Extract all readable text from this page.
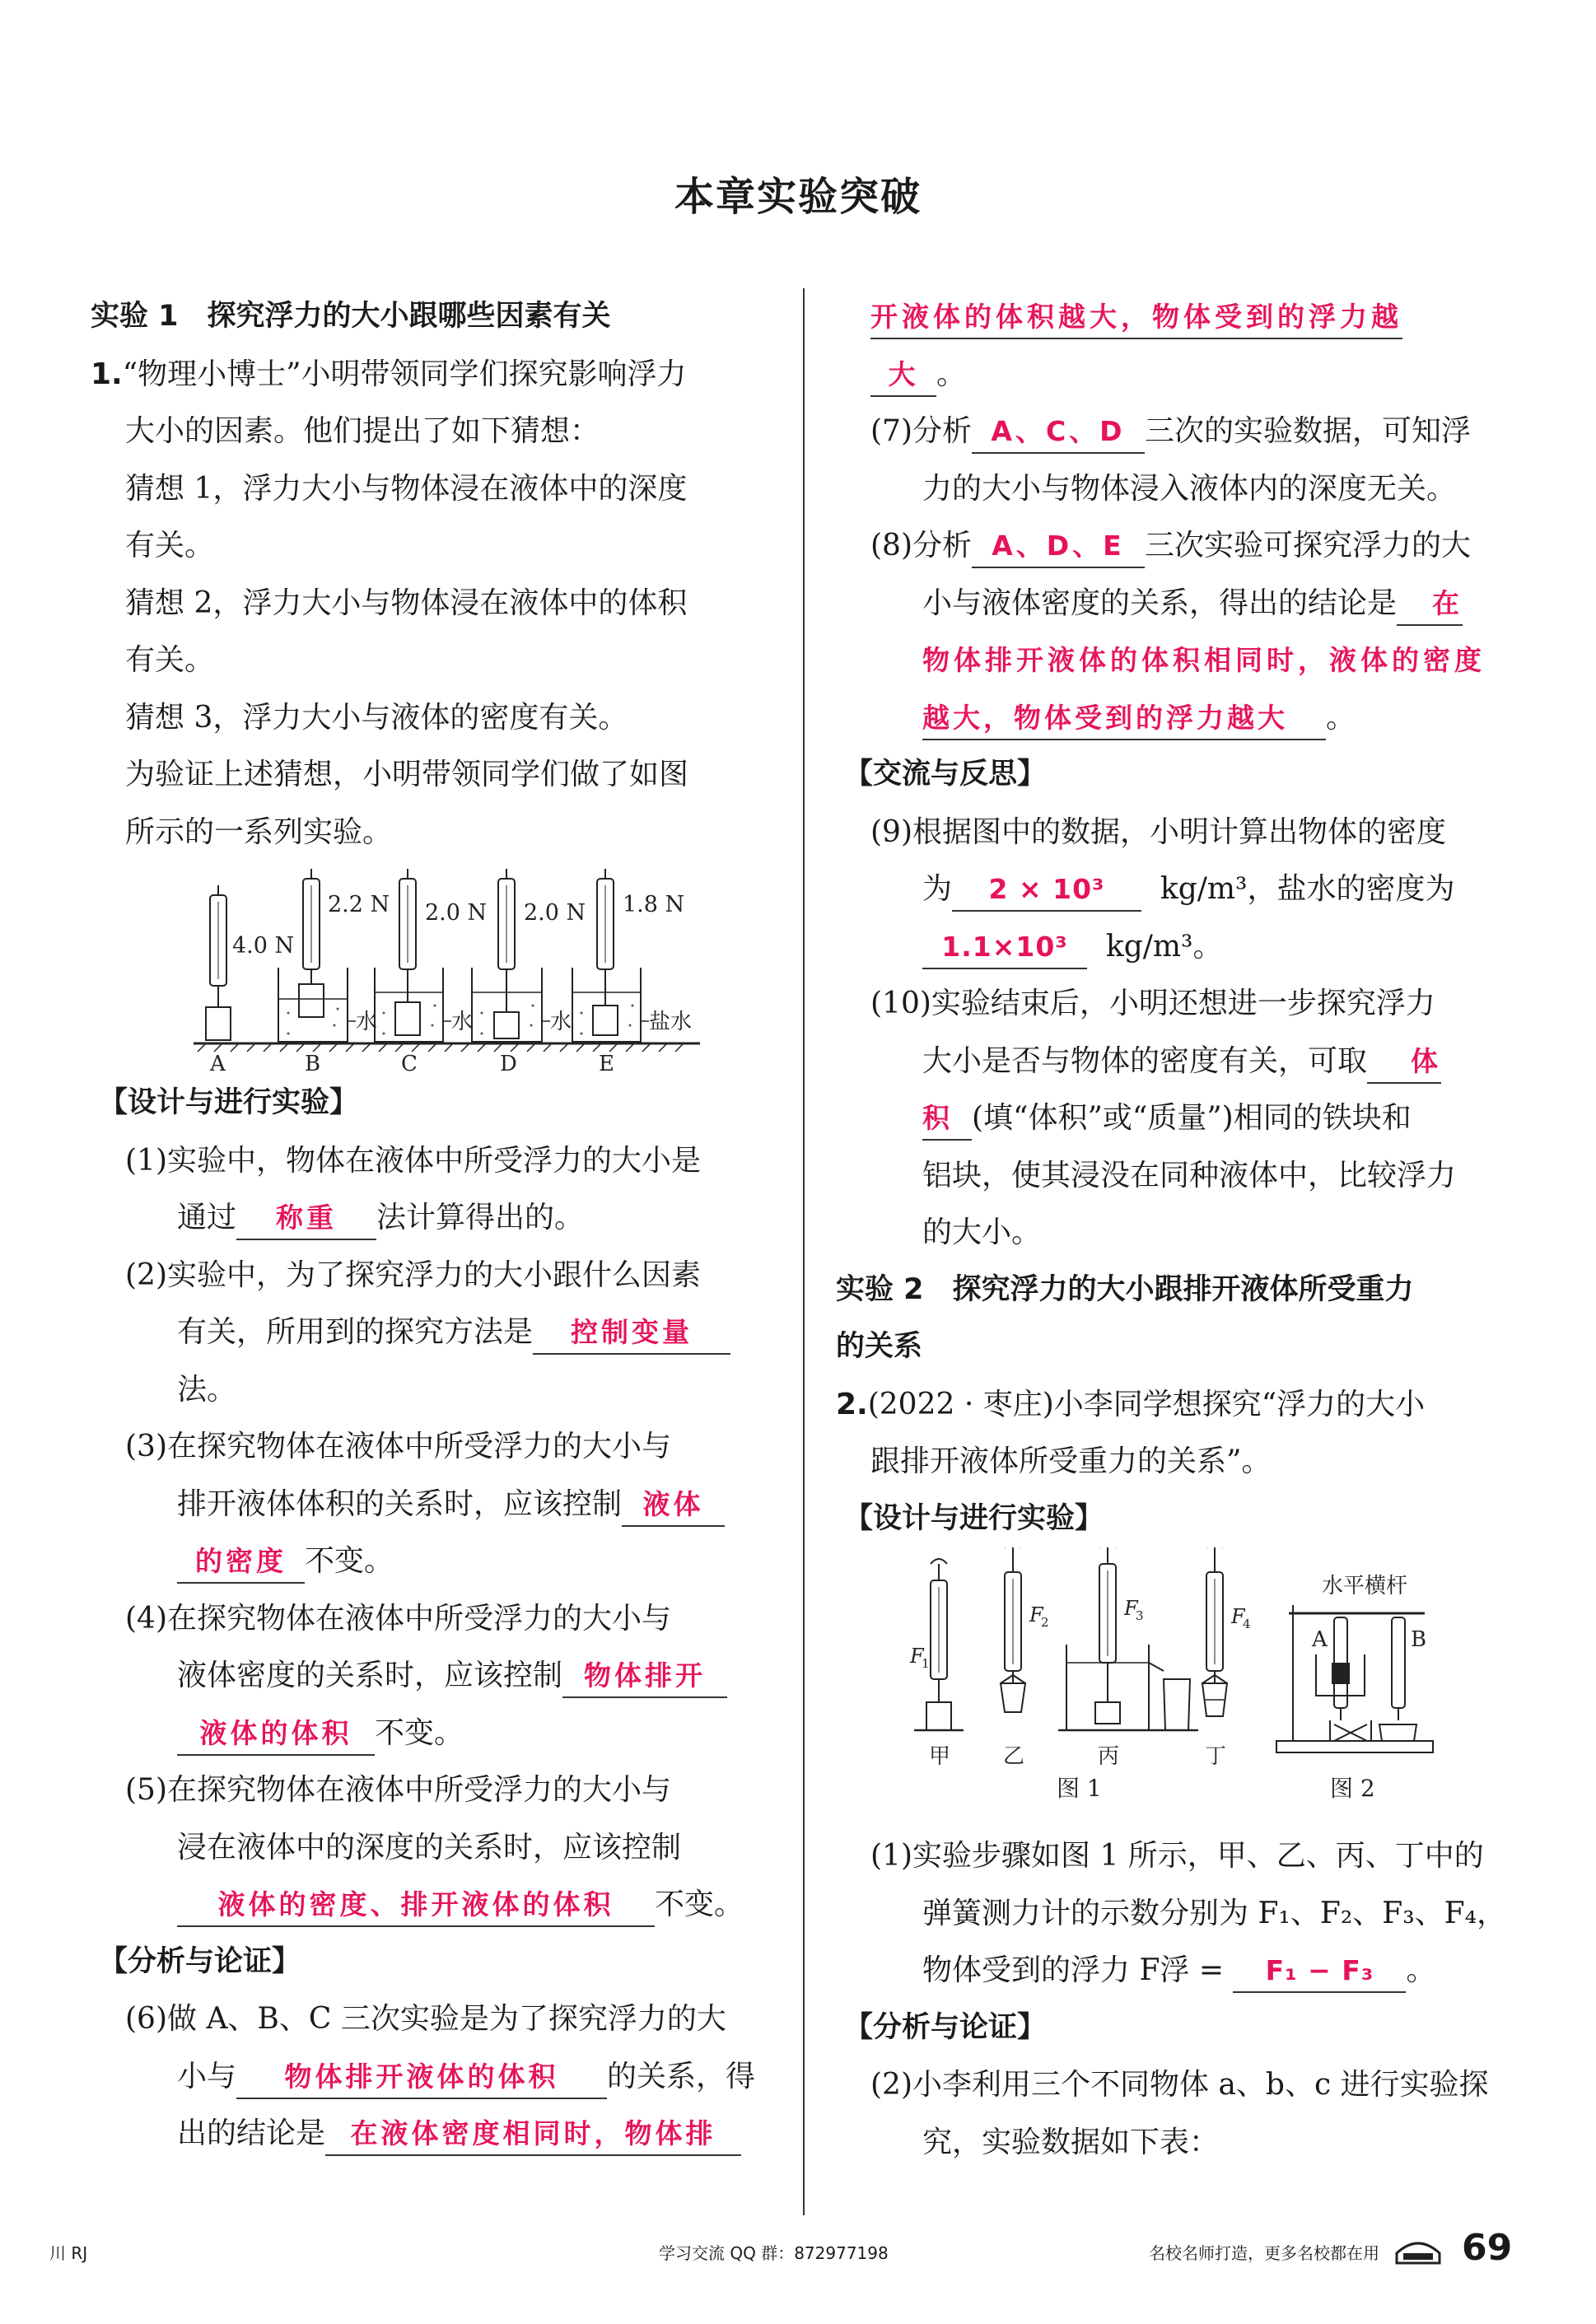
本章实验突破
实验 1　探究浮力的大小跟哪些因素有关
1.“物理小博士”小明带领同学们探究影响浮力
大小的因素。他们提出了如下猜想：
猜想 1，浮力大小与物体浸在液体中的深度
有关。
猜想 2，浮力大小与物体浸在液体中的体积
有关。
猜想 3，浮力大小与液体的密度有关。
为验证上述猜想，小明带领同学们做了如图
所示的一系列实验。
4.0 N
2.2 N 2.0 N 2.0 N 1.8 N
水	水	水	盐水
A	B	C	D	E
【设计与进行实验】
(1)实验中，物体在液体中所受浮力的大小是
通过 称重 法计算得出的。
(2)实验中，为了探究浮力的大小跟什么因素
有关，所用到的探究方法是 控制变量
法。
(3)在探究物体在液体中所受浮力的大小与
排开液体体积的关系时，应该控制 液体
的密度 不变。
(4)在探究物体在液体中所受浮力的大小与
液体密度的关系时，应该控制 物体排开
液体的体积 不变。
(5)在探究物体在液体中所受浮力的大小与
浸在液体中的深度的关系时，应该控制
液体的密度、排开液体的体积 不变。
【分析与论证】
(6)做 A、B、C 三次实验是为了探究浮力的大
小与 物体排开液体的体积 的关系，得
出的结论是 在液体密度相同时，物体排
开液体的体积越大，物体受到的浮力越
大 。
(7)分析 A、C、D 三次的实验数据，可知浮
力的大小与物体浸入液体内的深度无关。
(8)分析 A、D、E 三次实验可探究浮力的大
小与液体密度的关系，得出的结论是 在
物体排开液体的体积相同时，液体的密度
越大，物体受到的浮力越大 。
【交流与反思】
(9)根据图中的数据，小明计算出物体的密度
为 2 × 10³ kg/m³，盐水的密度为
1.1×10³ kg/m³。
(10)实验结束后，小明还想进一步探究浮力
大小是否与物体的密度有关，可取 体
积 (填“体积”或“质量”)相同的铁块和
铝块，使其浸没在同种液体中，比较浮力
的大小。
实验 2　探究浮力的大小跟排开液体所受重力
的关系
2.(2022 · 枣庄)小李同学想探究“浮力的大小
跟排开液体所受重力的关系”。
【设计与进行实验】
F
1
F
2
F
3	F
4
甲 乙	丙	丁
图 1
水平横杆
A	B
图 2
(1)实验步骤如图 1 所示，甲、乙、丙、丁中的
弹簧测力计的示数分别为 F₁、F₂、F₃、F₄，
物体受到的浮力 F浮 = F₁ − F₃ 。
【分析与论证】
(2)小李利用三个不同物体 a、b、c 进行实验探
究，实验数据如下表：
川 RJ	学习交流 QQ 群：872977198	名校名师打造，更多名校都在用 69
